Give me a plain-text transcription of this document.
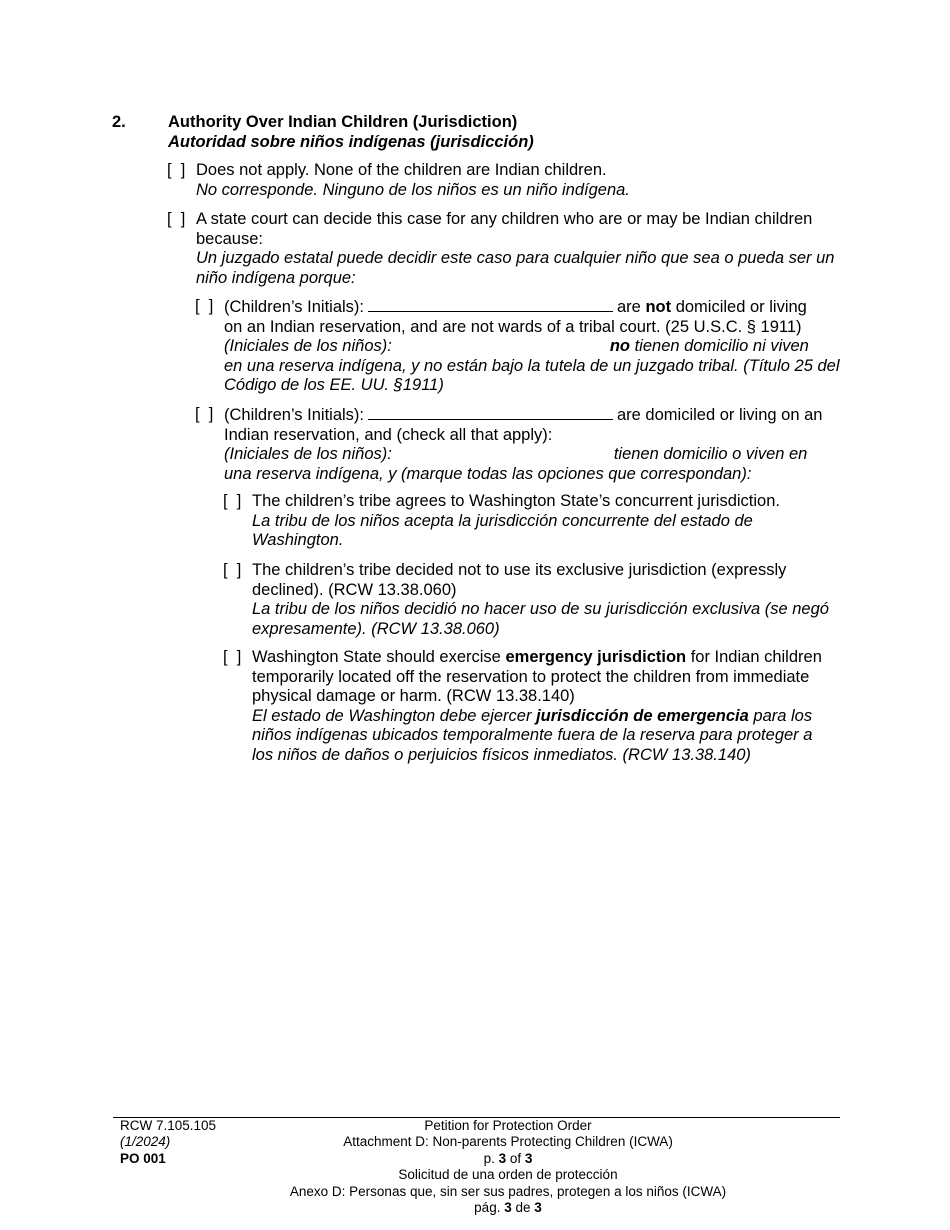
2.	Authority Over Indian Children (Jurisdiction)
Autoridad sobre niños indígenas (jurisdicción)
[  ] Does not apply. None of the children are Indian children.
No corresponde. Ninguno de los niños es un niño indígena.
[  ] A state court can decide this case for any children who are or may be Indian children because:
Un juzgado estatal puede decidir este caso para cualquier niño que sea o pueda ser un niño indígena porque:
[  ] (Children’s Initials):	are not domiciled or living
on an Indian reservation, and are not wards of a tribal court. (25 U.S.C. § 1911)
(Iniciales de los niños):	no tienen domicilio ni viven
en una reserva indígena, y no están bajo la tutela de un juzgado tribal. (Título 25 del Código de los EE. UU. §1911)
[  ] (Children’s Initials):	are domiciled or living on an
Indian reservation, and (check all that apply):
(Iniciales de los niños):	tienen domicilio o viven en
una reserva indígena, y (marque todas las opciones que correspondan):
[  ] The children’s tribe agrees to Washington State’s concurrent jurisdiction.
La tribu de los niños acepta la jurisdicción concurrente del estado de Washington.
[  ] The children’s tribe decided not to use its exclusive jurisdiction (expressly declined). (RCW 13.38.060)
La tribu de los niños decidió no hacer uso de su jurisdicción exclusiva (se negó expresamente). (RCW 13.38.060)
[  ] Washington State should exercise emergency jurisdiction for Indian children temporarily located off the reservation to protect the children from immediate physical damage or harm. (RCW 13.38.140)
El estado de Washington debe ejercer jurisdicción de emergencia para los niños indígenas ubicados temporalmente fuera de la reserva para proteger a los niños de daños o perjuicios físicos inmediatos. (RCW 13.38.140)
RCW 7.105.105
(1/2024)
PO 001
Petition for Protection Order
Attachment D: Non-parents Protecting Children (ICWA)
p. 3 of 3
Solicitud de una orden de protección
Anexo D: Personas que, sin ser sus padres, protegen a los niños (ICWA)
pág. 3 de 3
